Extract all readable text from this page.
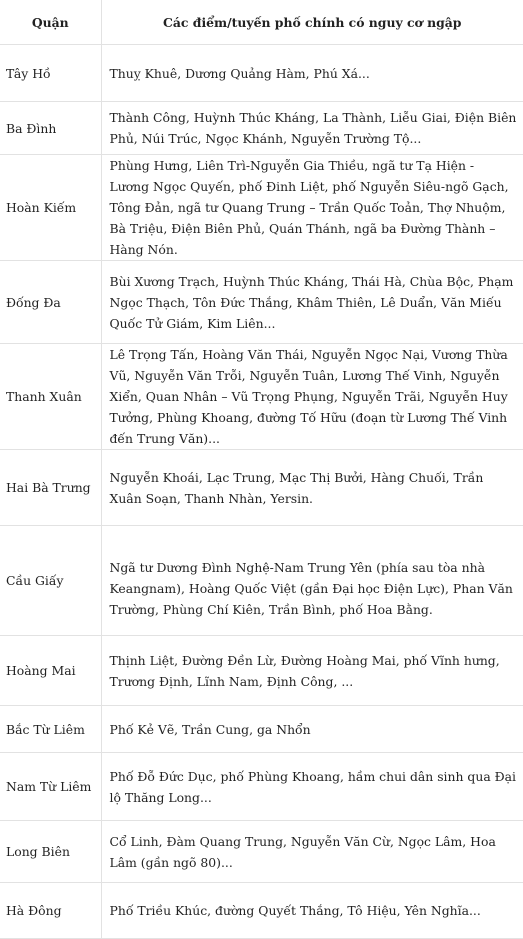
Quận	Các điểm/tuyến phố chính có nguy cơ ngập
Tây Hồ	Thuỵ Khuê, Dương Quảng Hàm, Phú Xá...
Ba Đình	Thành Công, Huỳnh Thúc Kháng, La Thành, Liễu Giai, Điện Biên Phủ, Núi Trúc, Ngọc Khánh, Nguyễn Trường Tộ...
Hoàn Kiếm	Phùng Hưng, Liên Trì-Nguyễn Gia Thiều, ngã tư Tạ Hiện - Lương Ngọc Quyến, phố Đinh Liệt, phố Nguyễn Siêu-ngõ Gạch, Tông Đản, ngã tư Quang Trung – Trần Quốc Toản, Thợ Nhuộm, Bà Triệu, Điện Biên Phủ, Quán Thánh, ngã ba Đường Thành – Hàng Nón.
Đống Đa	Bùi Xương Trạch, Huỳnh Thúc Kháng, Thái Hà, Chùa Bộc, Phạm Ngọc Thạch, Tôn Đức Thắng, Khâm Thiên, Lê Duẩn, Văn Miếu Quốc Tử Giám, Kim Liên...
Thanh Xuân	Lê Trọng Tấn, Hoàng Văn Thái, Nguyễn Ngọc Nại, Vương Thừa Vũ, Nguyễn Văn Trỗi, Nguyễn Tuân, Lương Thế Vinh, Nguyễn Xiển, Quan Nhân – Vũ Trọng Phụng, Nguyễn Trãi, Nguyễn Huy Tưởng, Phùng Khoang, đường Tố Hữu (đoạn từ Lương Thế Vinh đến Trung Văn)...
Hai Bà Trưng	Nguyễn Khoái, Lạc Trung, Mạc Thị Bưởi, Hàng Chuối, Trần Xuân Soạn, Thanh Nhàn, Yersin.
Cầu Giấy	Ngã tư Dương Đình Nghệ-Nam Trung Yên (phía sau tòa nhà Keangnam), Hoàng Quốc Việt (gần Đại học Điện Lực), Phan Văn Trường, Phùng Chí Kiên, Trần Bình, phố Hoa Bằng.
Hoàng Mai	Thịnh Liệt, Đường Đền Lừ, Đường Hoàng Mai, phố Vĩnh hưng, Trương Định, Lĩnh Nam, Định Công, ...
Bắc Từ Liêm	Phố Kẻ Vẽ, Trần Cung, ga Nhổn
Nam Từ Liêm	Phố Đỗ Đức Dục, phố Phùng Khoang, hầm chui dân sinh qua Đại lộ Thăng Long...
Long Biên	Cổ Linh, Đàm Quang Trung, Nguyễn Văn Cừ, Ngọc Lâm, Hoa Lâm (gần ngõ 80)...
Hà Đông	Phố Triều Khúc, đường Quyết Thắng, Tô Hiệu, Yên Nghĩa...
